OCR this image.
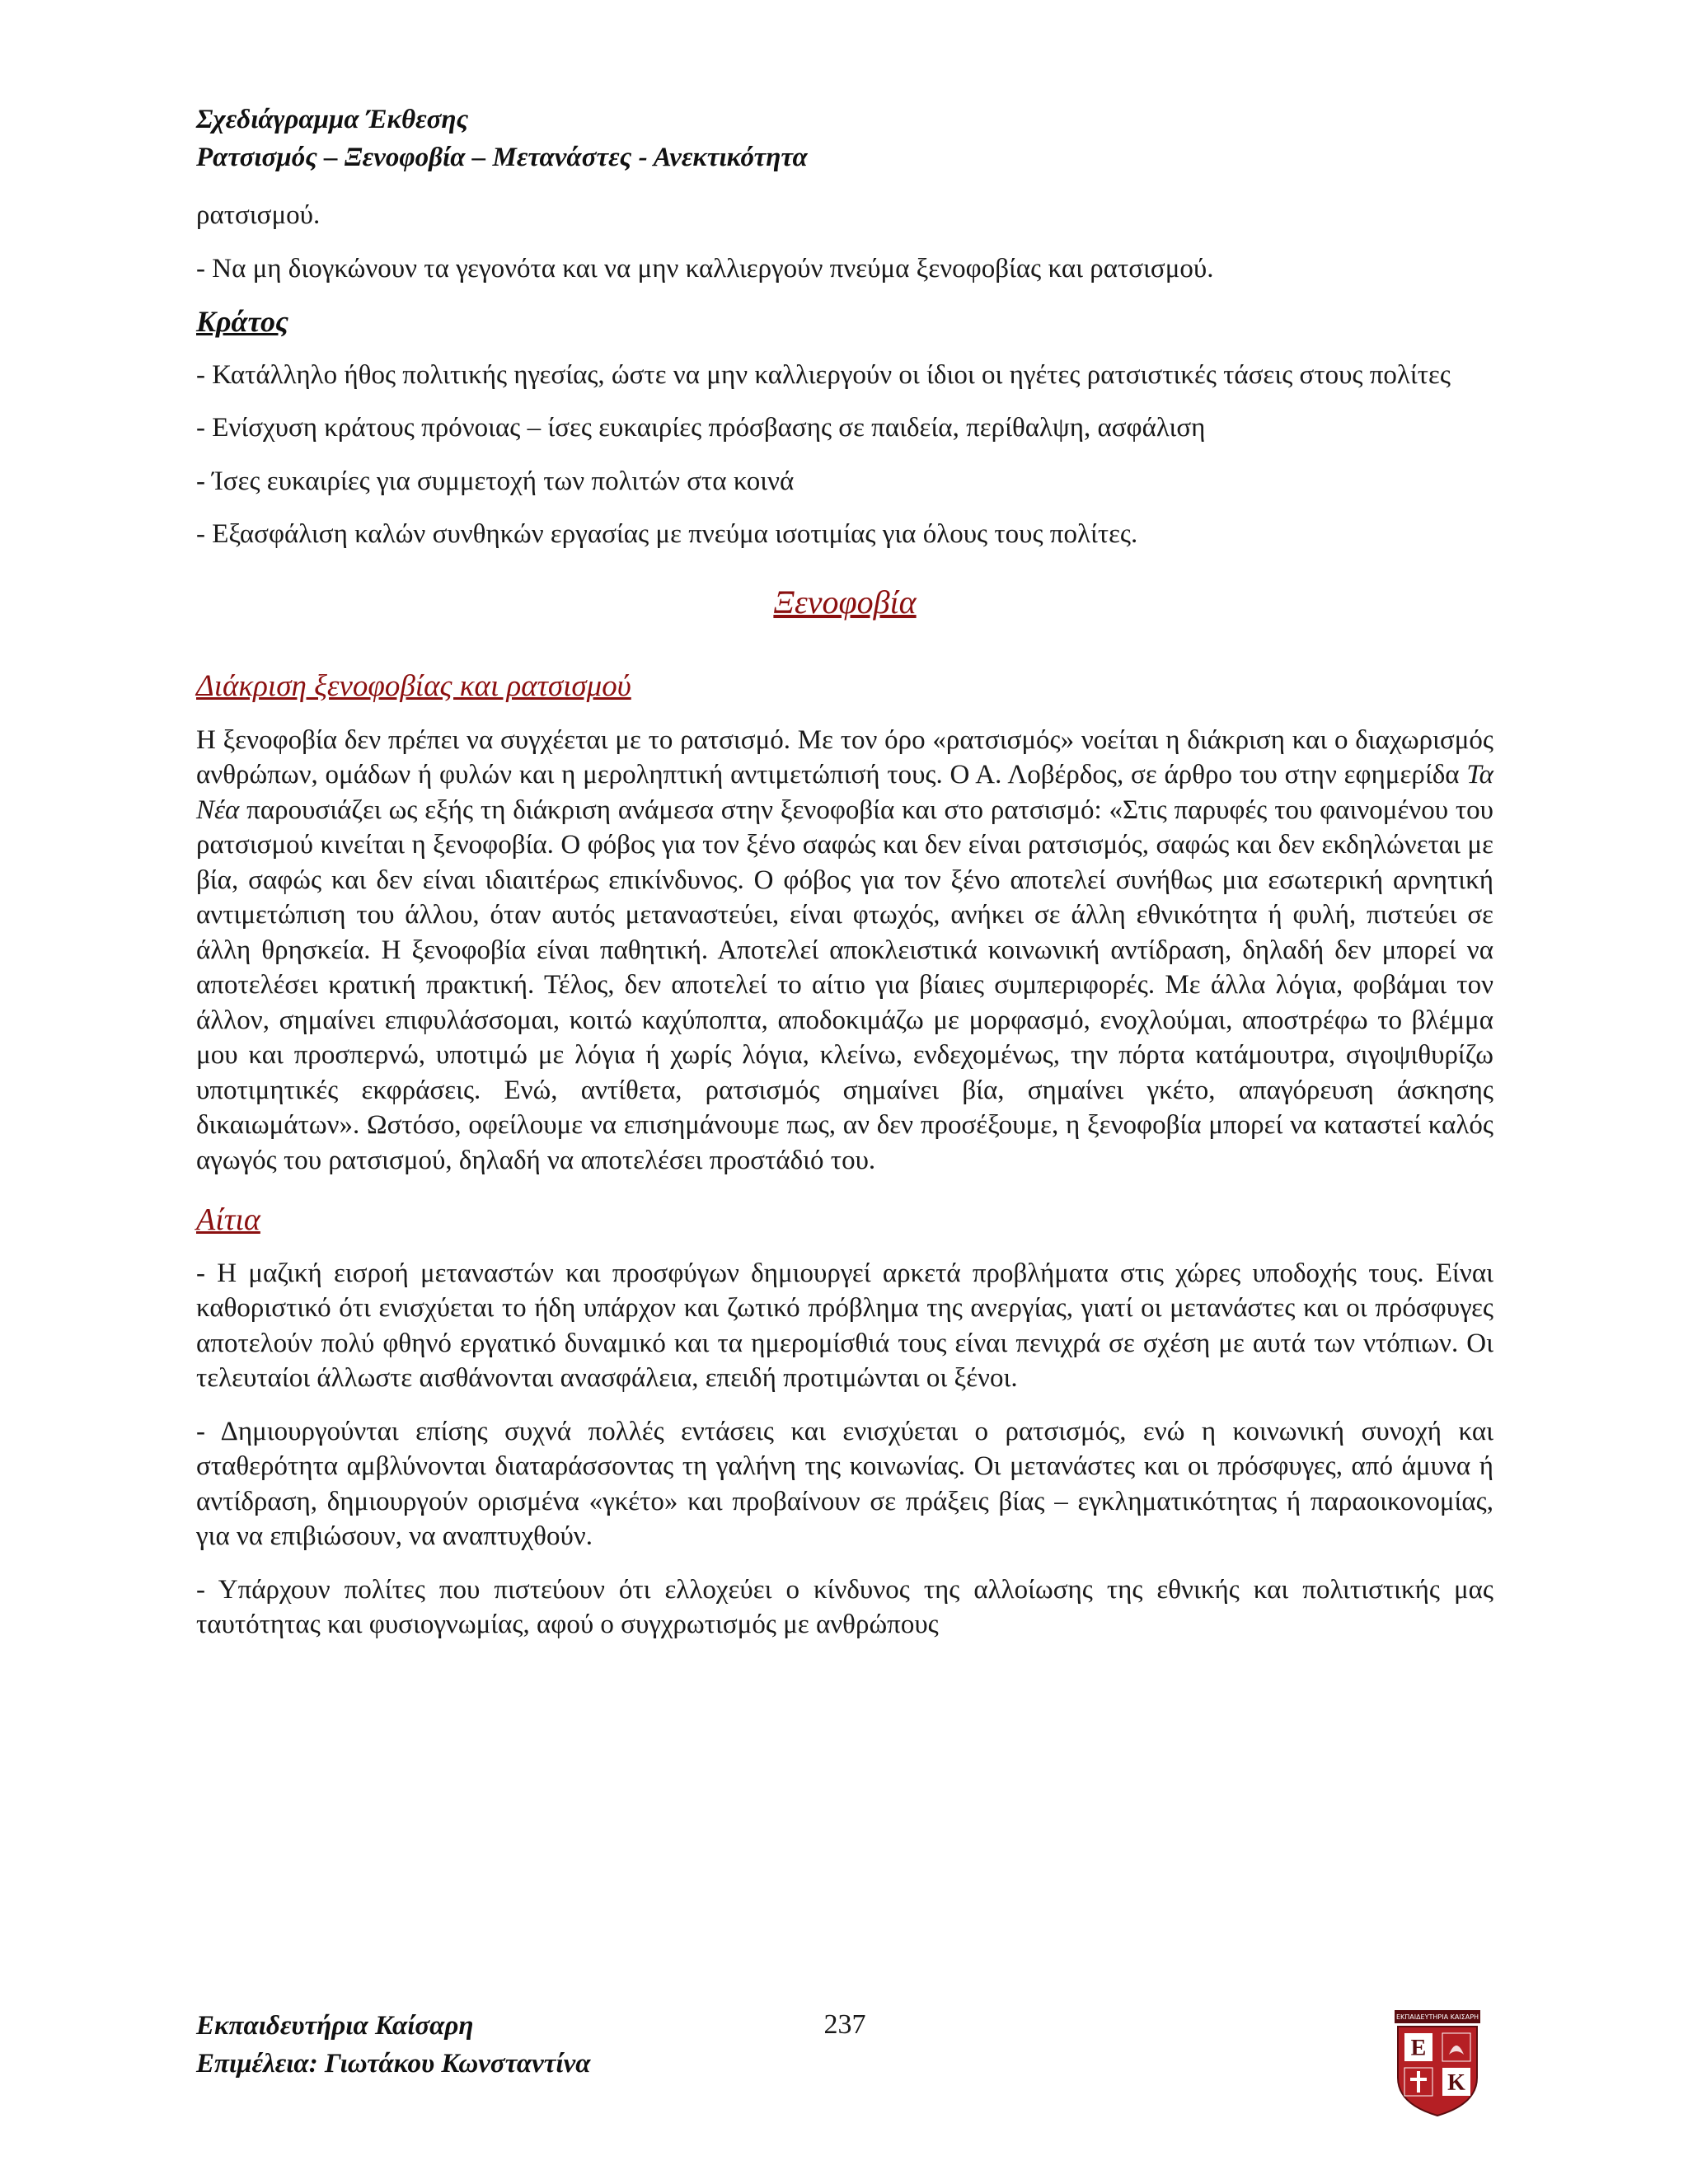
Σχεδιάγραμμα Έκθεσης
Ρατσισμός – Ξενοφοβία – Μετανάστες - Ανεκτικότητα

ρατσισμού.

- Να μη διογκώνουν τα γεγονότα και να μην καλλιεργούν πνεύμα ξενοφοβίας και ρατσισμού.

Κράτος

- Κατάλληλο ήθος πολιτικής ηγεσίας, ώστε να μην καλλιεργούν οι ίδιοι οι ηγέτες ρατσιστικές τάσεις στους πολίτες

- Ενίσχυση κράτους πρόνοιας – ίσες ευκαιρίες πρόσβασης σε παιδεία, περίθαλψη, ασφάλιση

- Ίσες ευκαιρίες για συμμετοχή των πολιτών στα κοινά

- Εξασφάλιση καλών συνθηκών εργασίας με πνεύμα ισοτιμίας για όλους τους πολίτες.

Ξενοφοβία
Διάκριση ξενοφοβίας και ρατσισμού

Η ξενοφοβία δεν πρέπει να συγχέεται με το ρατσισμό. Με τον όρο «ρατσισμός» νοείται η διάκριση και ο διαχωρισμός ανθρώπων, ομάδων ή φυλών και η μεροληπτική αντιμετώπισή τους. Ο Α. Λοβέρδος, σε άρθρο του στην εφημερίδα Τα Νέα παρουσιάζει ως εξής τη διάκριση ανάμεσα στην ξενοφοβία και στο ρατσισμό: «Στις παρυφές του φαινομένου του ρατσισμού κινείται η ξενοφοβία. Ο φόβος για τον ξένο σαφώς και δεν είναι ρατσισμός, σαφώς και δεν εκδηλώνεται με βία, σαφώς και δεν είναι ιδιαιτέρως επικίνδυνος. Ο φόβος για τον ξένο αποτελεί συνήθως μια εσωτερική αρνητική αντιμετώπιση του άλλου, όταν αυτός μεταναστεύει, είναι φτωχός, ανήκει σε άλλη εθνικότητα ή φυλή, πιστεύει σε άλλη θρησκεία. Η ξενοφοβία είναι παθητική. Αποτελεί αποκλειστικά κοινωνική αντίδραση, δηλαδή δεν μπορεί να αποτελέσει κρατική πρακτική. Τέλος, δεν αποτελεί το αίτιο για βίαιες συμπεριφορές. Με άλλα λόγια, φοβάμαι τον άλλον, σημαίνει επιφυλάσσομαι, κοιτώ καχύποπτα, αποδοκιμάζω με μορφασμό, ενοχλούμαι, αποστρέφω το βλέμμα μου και προσπερνώ, υποτιμώ με λόγια ή χωρίς λόγια, κλείνω, ενδεχομένως, την πόρτα κατάμουτρα, σιγοψιθυρίζω υποτιμητικές εκφράσεις. Ενώ, αντίθετα, ρατσισμός σημαίνει βία, σημαίνει γκέτο, απαγόρευση άσκησης δικαιωμάτων». Ωστόσο, οφείλουμε να επισημάνουμε πως, αν δεν προσέξουμε, η ξενοφοβία μπορεί να καταστεί καλός αγωγός του ρατσισμού, δηλαδή να αποτελέσει προστάδιό του.

Αίτια

- Η μαζική εισροή μεταναστών και προσφύγων δημιουργεί αρκετά προβλήματα στις χώρες υποδοχής τους. Είναι καθοριστικό ότι ενισχύεται το ήδη υπάρχον και ζωτικό πρόβλημα της ανεργίας, γιατί οι μετανάστες και οι πρόσφυγες αποτελούν πολύ φθηνό εργατικό δυναμικό και τα ημερομίσθιά τους είναι πενιχρά σε σχέση με αυτά των ντόπιων. Οι τελευταίοι άλλωστε αισθάνονται ανασφάλεια, επειδή προτιμώνται οι ξένοι.

- Δημιουργούνται επίσης συχνά πολλές εντάσεις και ενισχύεται ο ρατσισμός, ενώ η κοινωνική συνοχή και σταθερότητα αμβλύνονται διαταράσσοντας τη γαλήνη της κοινωνίας. Οι μετανάστες και οι πρόσφυγες, από άμυνα ή αντίδραση, δημιουργούν ορισμένα «γκέτο» και προβαίνουν σε πράξεις βίας – εγκληματικότητας ή παραοικονομίας, για να επιβιώσουν, να αναπτυχθούν.

- Υπάρχουν πολίτες που πιστεύουν ότι ελλοχεύει ο κίνδυνος της αλλοίωσης της εθνικής και πολιτιστικής μας ταυτότητας και φυσιογνωμίας, αφού ο συγχρωτισμός με ανθρώπους

Εκπαιδευτήρια Καίσαρη
Επιμέλεια: Γιωτάκου Κωνσταντίνα
237	ΕΚΠΑΙΔΕΥΤΗΡΙΑ ΚΑΙΣΑΡΗ
Ε
Κ
